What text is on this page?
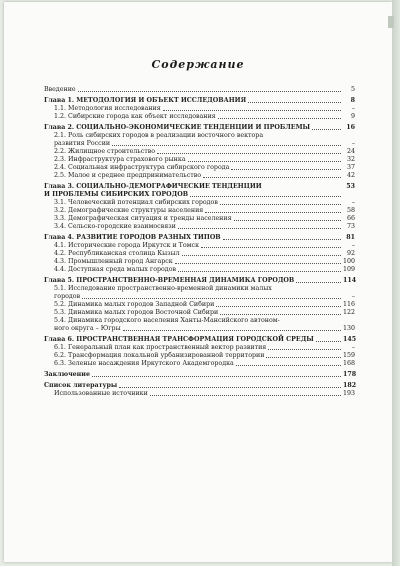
Содержание
Введение	5
Глава 1. МЕТОДОЛОГИЯ И ОБЪЕКТ ИССЛЕДОВАНИЯ	8
1.1. Методология исследования	–
1.2. Сибирские города как объект исследования	9
Глава 2. СОЦИАЛЬНО-ЭКОНОМИЧЕСКИЕ ТЕНДЕНЦИИ И ПРОБЛЕМЫ	16
2.1. Роль сибирских городов в реализации восточного вектора
развития России	–
2.2. Жилищное строительство	24
2.3. Инфраструктура страхового рынка	32
2.4. Социальная инфраструктура сибирского города	37
2.5. Малое и среднее предпринимательство	42
Глава 3. СОЦИАЛЬНО-ДЕМОГРАФИЧЕСКИЕ ТЕНДЕНЦИИ	53
И ПРОБЛЕМЫ СИБИРСКИХ ГОРОДОВ
3.1. Человеческий потенциал сибирских городов	–
3.2. Демографические структуры населения	58
3.3. Демографическая ситуация и тренды населения	66
3.4. Сельско-городские взаимосвязи	73
Глава 4. РАЗВИТИЕ ГОРОДОВ РАЗНЫХ ТИПОВ	81
4.1. Исторические города Иркутск и Томск	–
4.2. Республиканская столица Кызыл	92
4.3. Промышленный город Ангарск	100
4.4. Доступная среда малых городов	109
Глава 5. ПРОСТРАНСТВЕННО-ВРЕМЕННАЯ ДИНАМИКА ГОРОДОВ	114
5.1. Исследование пространственно-временной динамики малых
городов	–
5.2. Динамика малых городов Западной Сибири	116
5.3. Динамика малых городов Восточной Сибири	122
5.4. Динамика городского населения Ханты-Мансийского автоном-
ного округа – Югры	130
Глава 6. ПРОСТРАНСТВЕННАЯ ТРАНСФОРМАЦИЯ ГОРОДСКОЙ СРЕДЫ	145
6.1. Генеральный план как пространственный вектор развития	–
6.2. Трансформация локальной урбанизированной территории	159
6.3. Зеленые насаждения Иркутского Академгородка	168
Заключение	178
Список литературы	182
Использованные источники	193
